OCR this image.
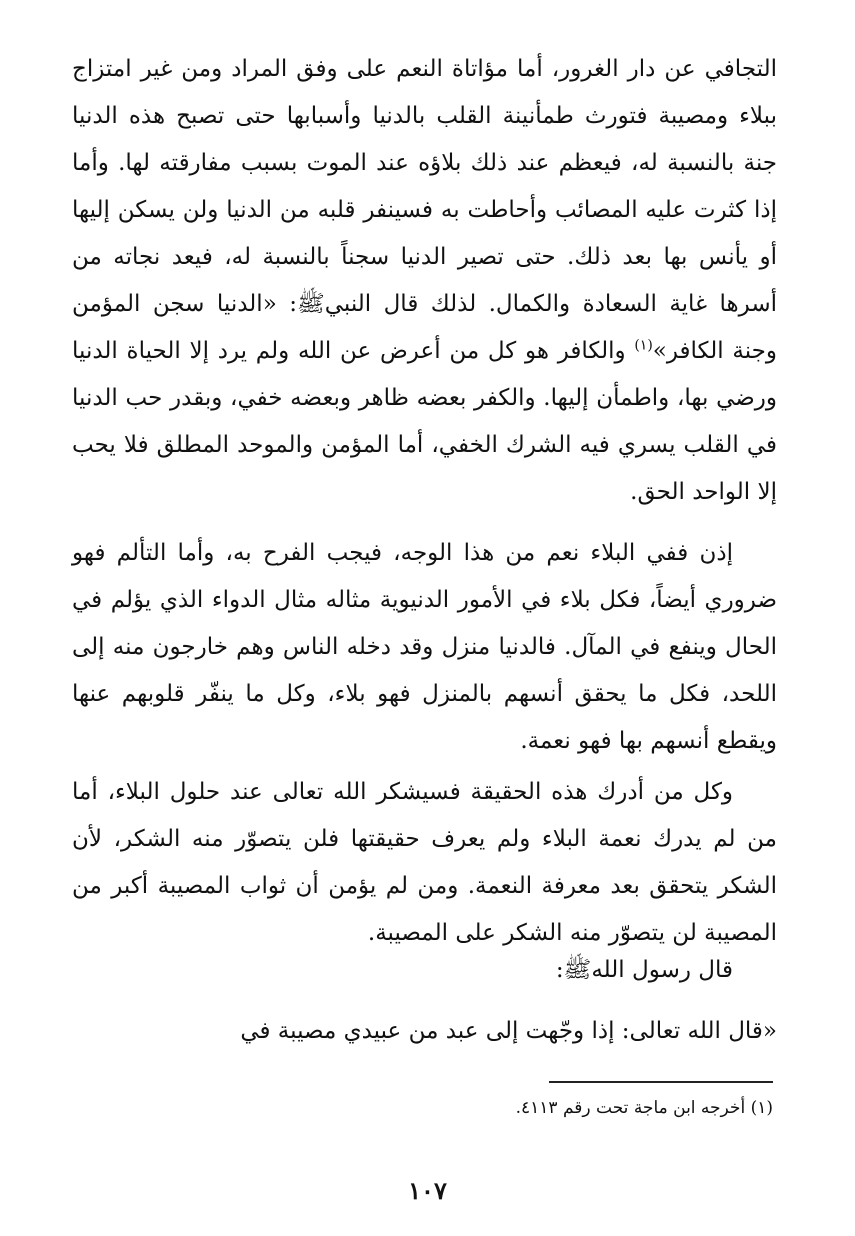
التجافي عن دار الغرور، أما مؤاتاة النعم على وفق المراد ومن غير امتزاج ببلاء ومصيبة فتورث طمأنينة القلب بالدنيا وأسبابها حتى تصبح هذه الدنيا جنة بالنسبة له، فيعظم عند ذلك بلاؤه عند الموت بسبب مفارقته لها. وأما إذا كثرت عليه المصائب وأحاطت به فسينفر قلبه من الدنيا ولن يسكن إليها أو يأنس بها بعد ذلك. حتى تصير الدنيا سجناً بالنسبة له، فيعد نجاته من أسرها غاية السعادة والكمال. لذلك قال النبيﷺ: «الدنيا سجن المؤمن وجنة الكافر»$^{(١)}$ والكافر هو كل من أعرض عن الله ولم يرد إلا الحياة الدنيا ورضي بها، واطمأن إليها. والكفر بعضه ظاهر وبعضه خفي، وبقدر حب الدنيا في القلب يسري فيه الشرك الخفي، أما المؤمن والموحد المطلق فلا يحب إلا الواحد الحق.

إذن ففي البلاء نعم من هذا الوجه، فيجب الفرح به، وأما التألم فهو ضروري أيضاً، فكل بلاء في الأمور الدنيوية مثاله مثال الدواء الذي يؤلم في الحال وينفع في المآل. فالدنيا منزل وقد دخله الناس وهم خارجون منه إلى اللحد، فكل ما يحقق أنسهم بالمنزل فهو بلاء، وكل ما ينفّر قلوبهم عنها ويقطع أنسهم بها فهو نعمة.

وكل من أدرك هذه الحقيقة فسيشكر الله تعالى عند حلول البلاء، أما من لم يدرك نعمة البلاء ولم يعرف حقيقتها فلن يتصوّر منه الشكر، لأن الشكر يتحقق بعد معرفة النعمة. ومن لم يؤمن أن ثواب المصيبة أكبر من المصيبة لن يتصوّر منه الشكر على المصيبة.

قال رسول اللهﷺ:

«قال الله تعالى: إذا وجّهت إلى عبد من عبيدي مصيبة في

(١) أخرجه ابن ماجة تحت رقم ٤١١٣.

١٠٧
